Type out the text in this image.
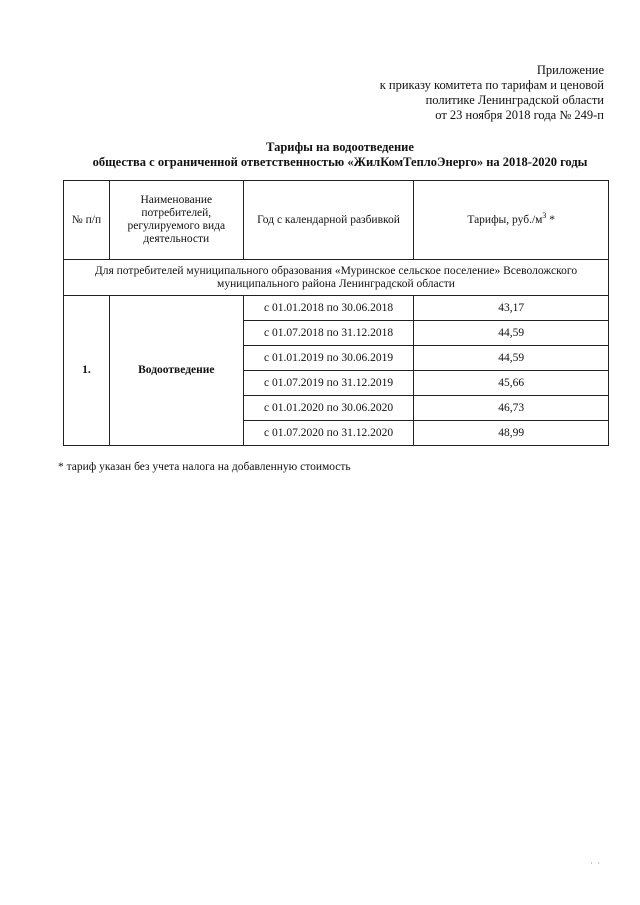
Приложение
к приказу комитета по тарифам и ценовой
политике Ленинградской области
от 23 ноября 2018 года № 249-п
Тарифы на водоотведение
общества с ограниченной ответственностью «ЖилКомТеплоЭнерго» на 2018-2020 годы
№ п/п	Наименование
потребителей,
регулируемого вида
деятельности	Год с календарной разбивкой	Тарифы, $руб./м^3$ *

Для потребителей муниципального образования «Муринское сельское поселение» Всеволожского
муниципального района Ленинградской области			

1.	Водоотведение	с 01.01.2018 по 30.06.2018	43,17
		с 01.07.2018 по 31.12.2018	44,59
		с 01.01.2019 по 30.06.2019	44,59
		с 01.07.2019 по 31.12.2019	45,66
		с 01.01.2020 по 30.06.2020	46,73
		с 01.07.2020 по 31.12.2020	48,99
* тариф указан без учета налога на добавленную стоимость
· ·
